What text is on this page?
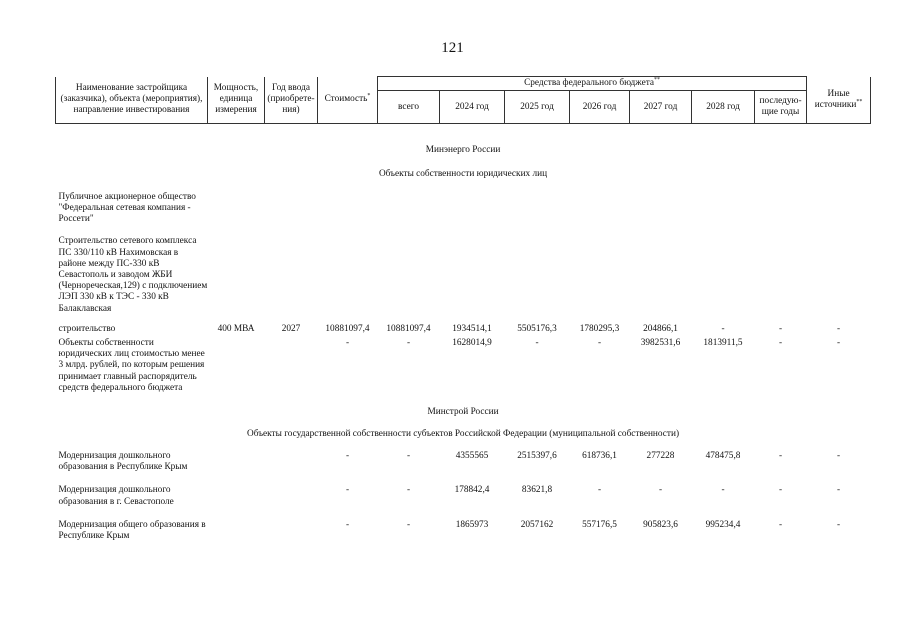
121
Наименование застройщика (заказчика), объекта (мероприятия), направление инвестирования	Мощность, единица измерения	Год ввода (приобрете-ния)	Стоимость*	Средства федерального бюджета**							Иные источники**
				всего	2024 год	2025 год	2026 год	2027 год	2028 год	последую-щие годы	
Минэнерго России											
Объекты собственности юридических лиц											
Публичное акционерное общество "Федеральная сетевая компания - Россети"											
Строительство сетевого комплекса ПС 330/110 кВ Нахимовская в районе между ПС-330 кВ Севастополь и заводом ЖБИ (Чернореческая,129) с подключением ЛЭП 330 кВ к ТЭС - 330 кВ Балаклавская											
строительство	400 МВА	2027	10881097,4	10881097,4	1934514,1	5505176,3	1780295,3	204866,1	-	-	-
Объекты собственности юридических лиц стоимостью менее 3 млрд. рублей, по которым решения принимает главный распорядитель средств федерального бюджета			-	-	1628014,9	-	-	3982531,6	1813911,5	-	-
Минстрой России											
Объекты государственной собственности субъектов Российской Федерации (муниципальной собственности)											
Модернизация дошкольного образования в Республике Крым			-	-	4355565	2515397,6	618736,1	277228	478475,8	-	-
Модернизация дошкольного образования в г. Севастополе			-	-	178842,4	83621,8	-	-	-	-	-
Модернизация общего образования в Республике Крым			-	-	1865973	2057162	557176,5	905823,6	995234,4	-	-
